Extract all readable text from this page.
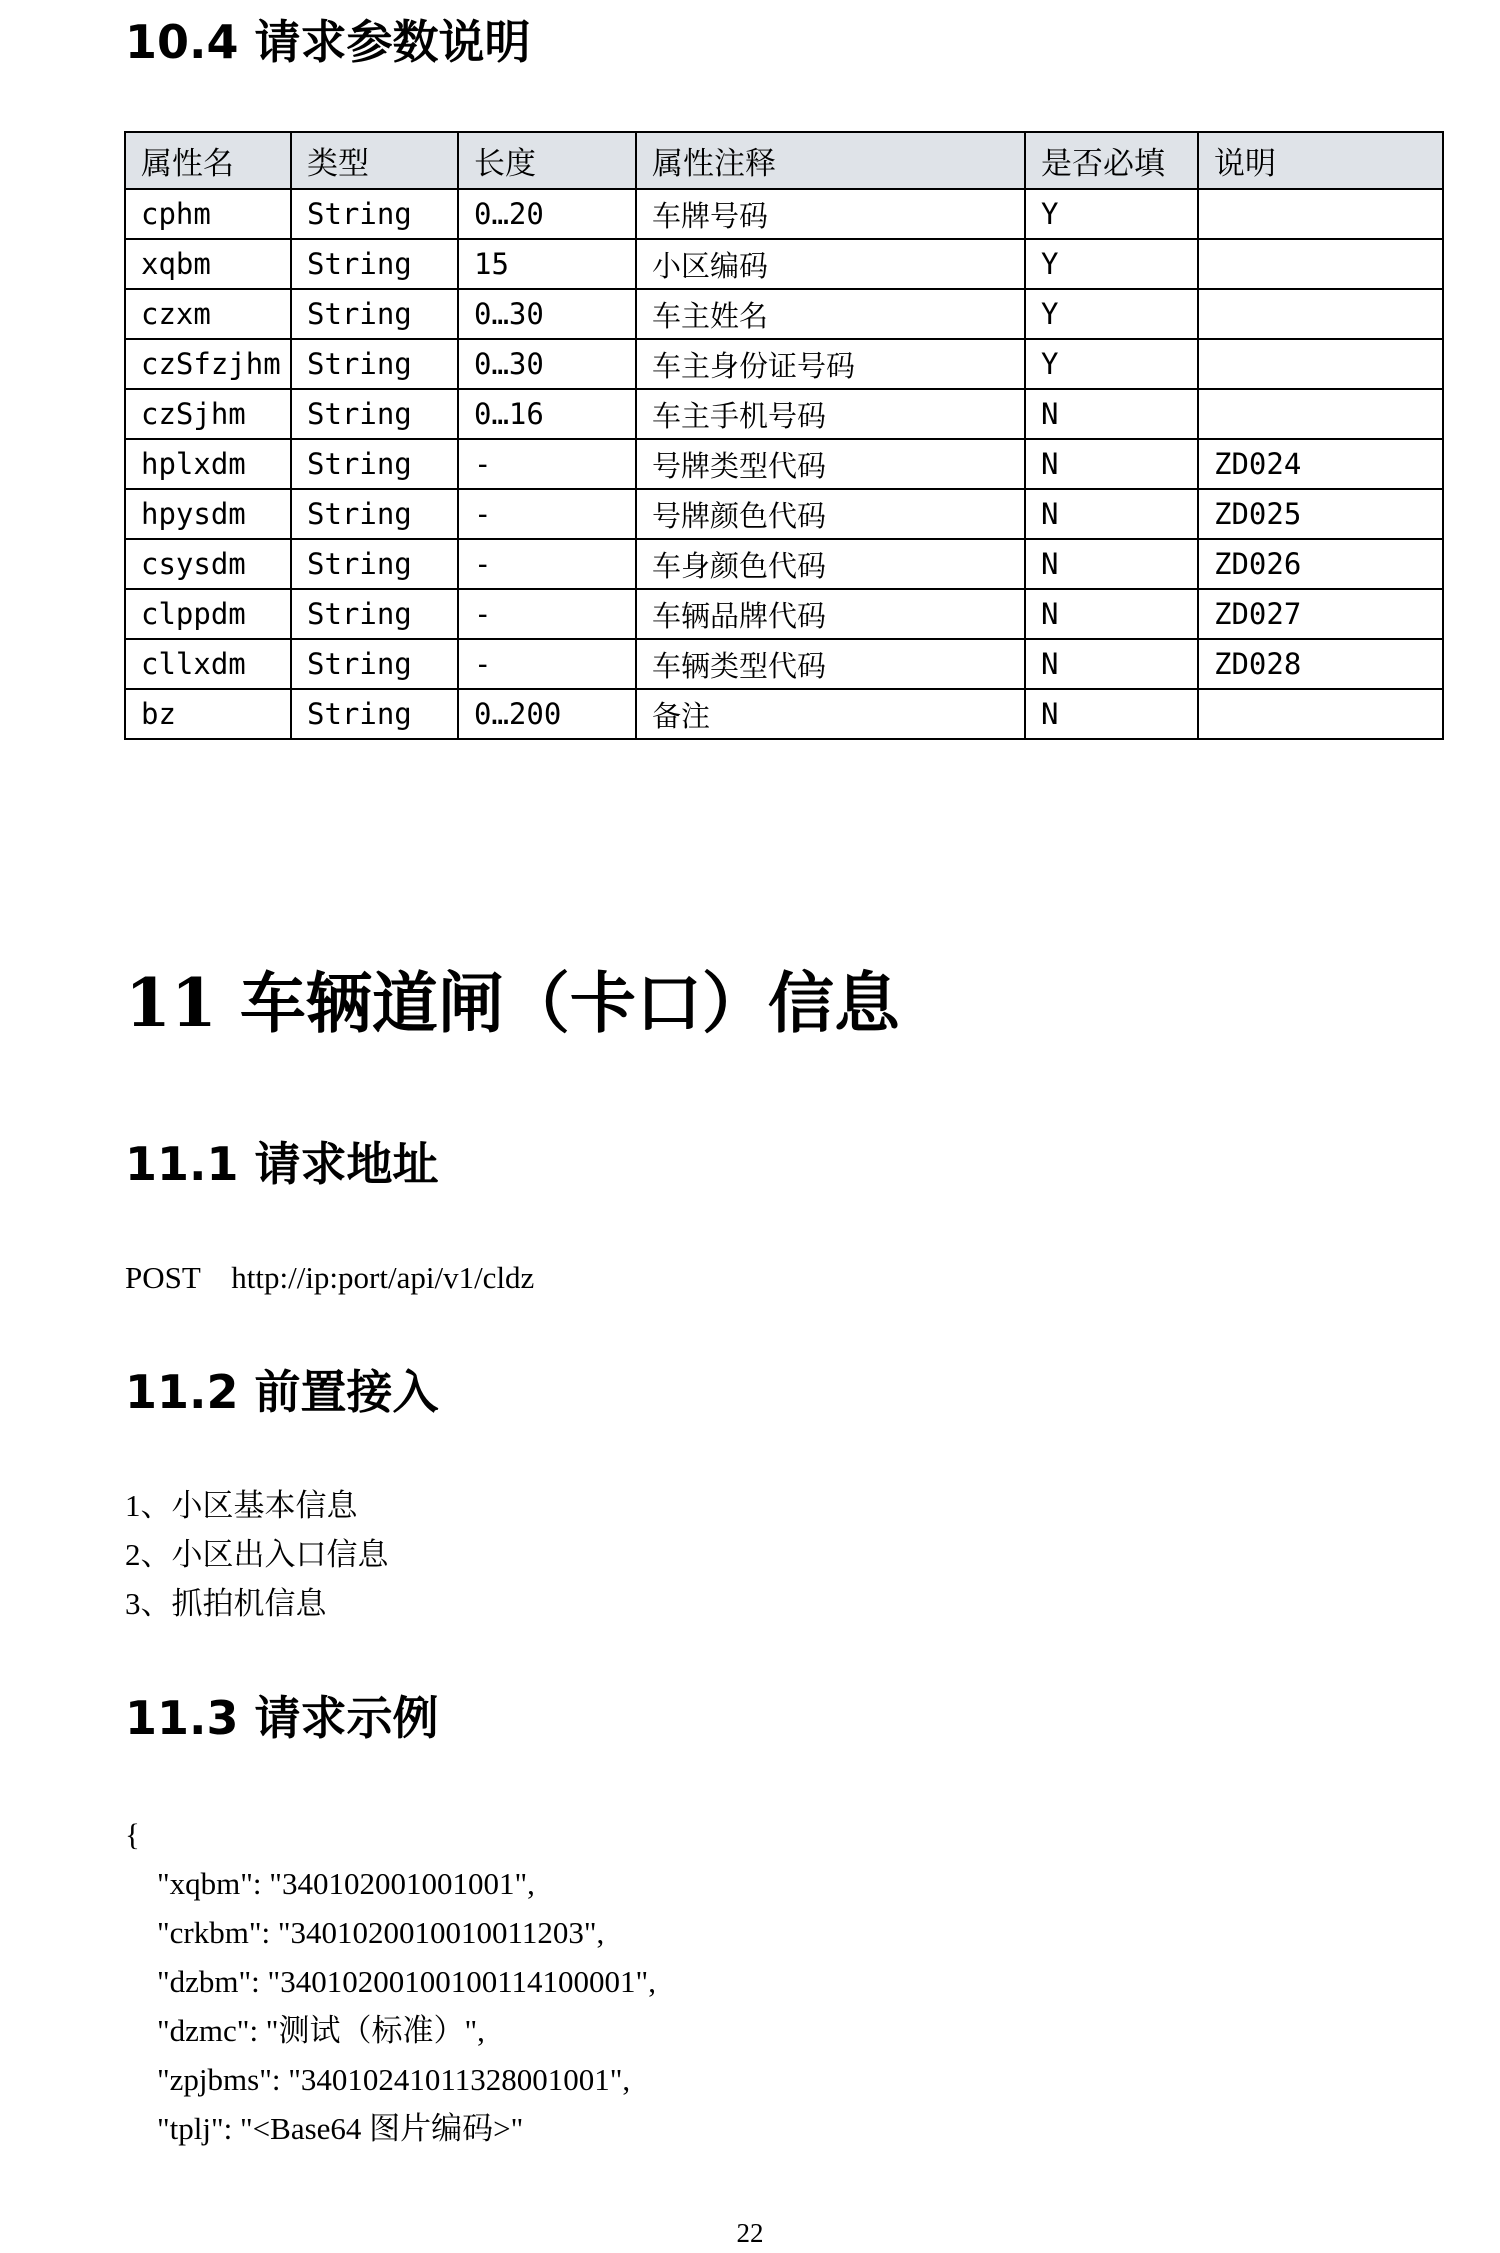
10.4 请求参数说明
属性名	类型	长度	属性注释	是否必填	说明
cphm	String	0…20	车牌号码	Y	
xqbm	String	15	小区编码	Y	
czxm	String	0…30	车主姓名	Y	
czSfzjhm	String	0…30	车主身份证号码	Y	
czSjhm	String	0…16	车主手机号码	N	
hplxdm	String	-	号牌类型代码	N	ZD024
hpysdm	String	-	号牌颜色代码	N	ZD025
csysdm	String	-	车身颜色代码	N	ZD026
clppdm	String	-	车辆品牌代码	N	ZD027
cllxdm	String	-	车辆类型代码	N	ZD028
bz	String	0…200	备注	N	
11 车辆道闸（卡口）信息
11.1 请求地址

POST http://ip:port/api/v1/cldz

11.2 前置接入

1、小区基本信息

2、小区出入口信息

3、抓拍机信息

11.3 请求示例

{

"xqbm": "340102001001001",

"crkbm": "3401020010010011203",

"dzbm": "34010200100100114100001",

"dzmc": "测试（标准）",

"zpjbms": "34010241011328001001",

"tplj": "<Base64 图片编码>"

22
